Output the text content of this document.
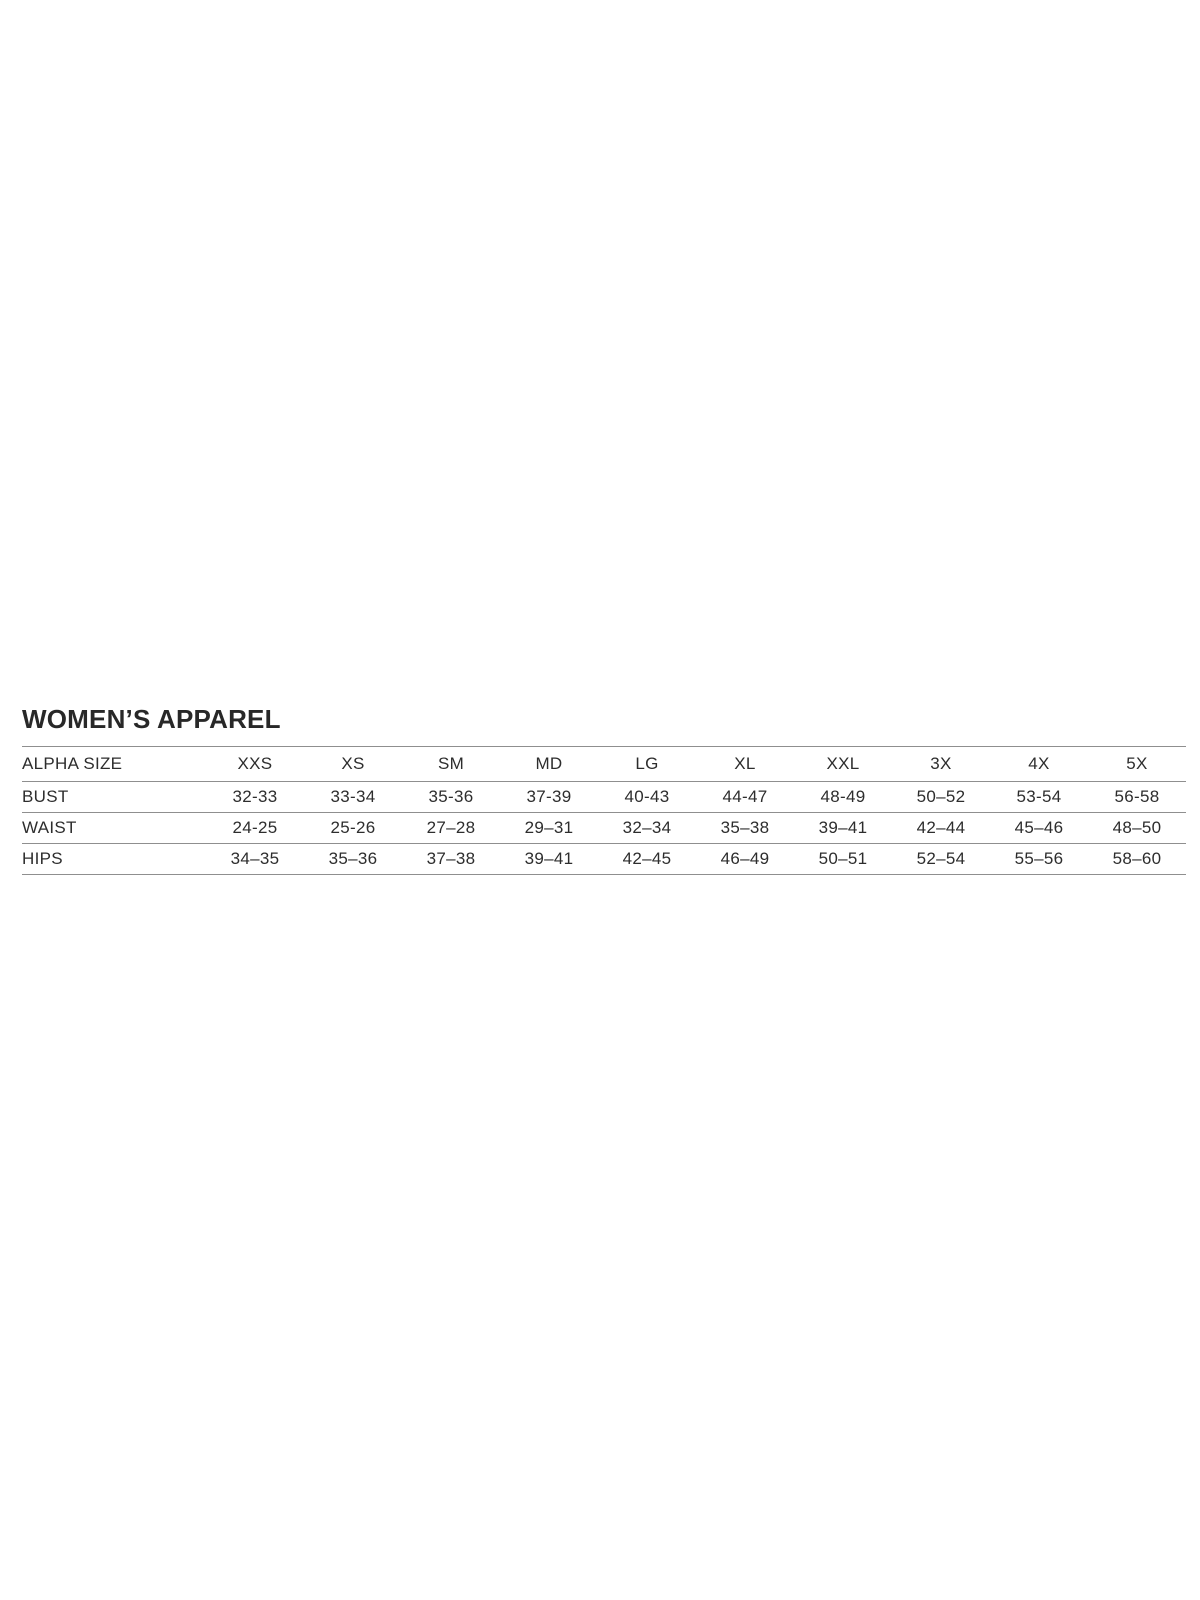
WOMEN’S APPAREL
ALPHA SIZE	XXS	XS	SM	MD	LG	XL	XXL	3X	4X	5X
BUST	32-33	33-34	35-36	37-39	40-43	44-47	48-49	50–52	53-54	56-58
WAIST	24-25	25-26	27–28	29–31	32–34	35–38	39–41	42–44	45–46	48–50
HIPS	34–35	35–36	37–38	39–41	42–45	46–49	50–51	52–54	55–56	58–60
